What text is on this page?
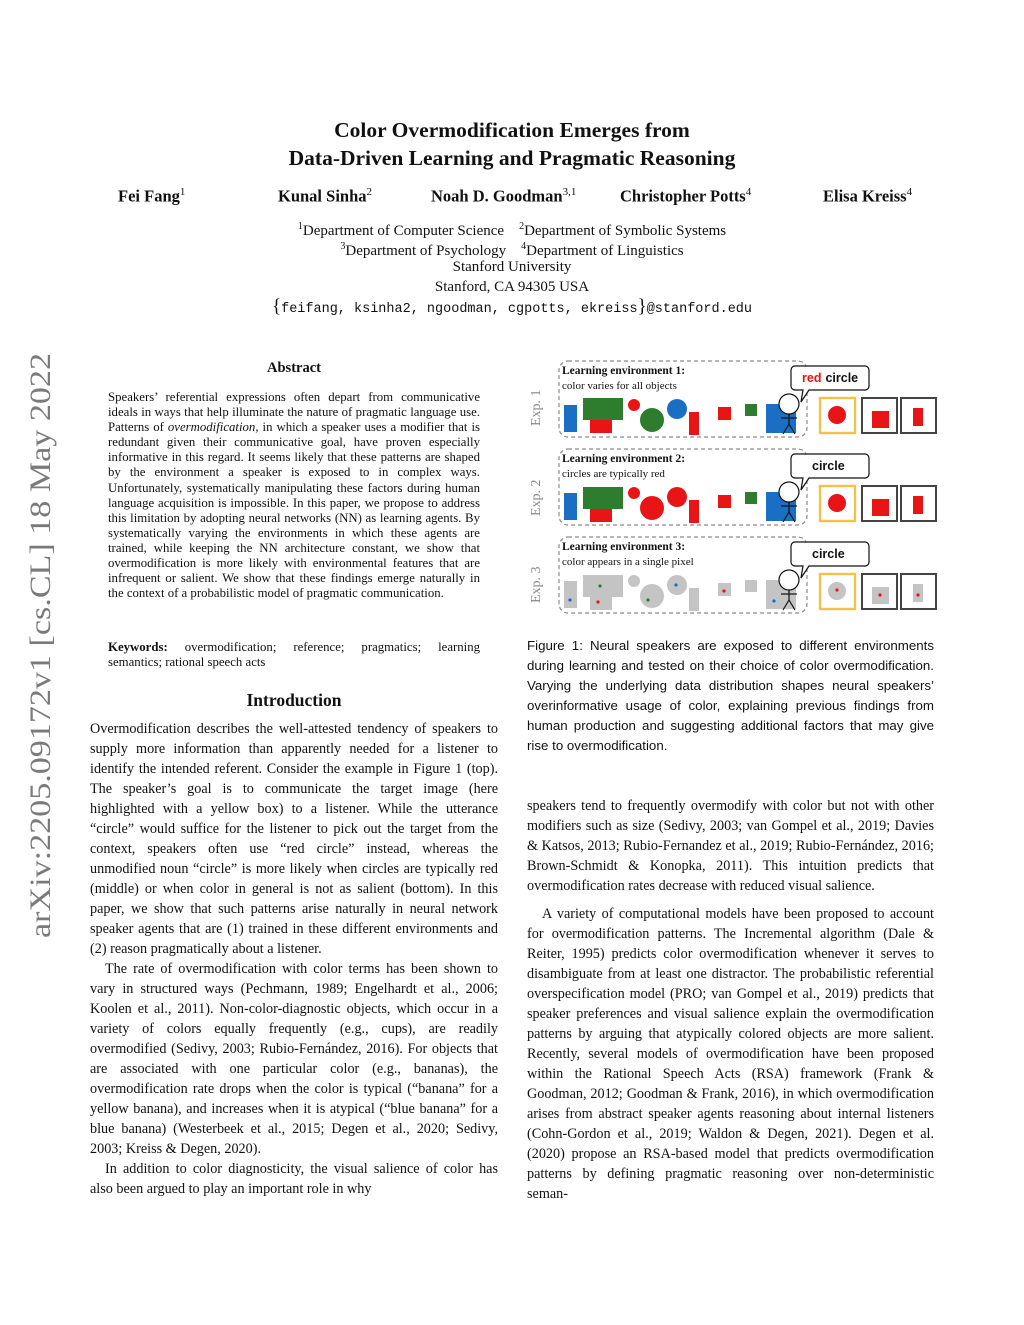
arXiv:2205.09172v1 [cs.CL] 18 May 2022
Color Overmodification Emerges from
Data-Driven Learning and Pragmatic Reasoning
Fei Fang$^1$	Kunal Sinha$^2$	Noah D. Goodman$^{3,1}$	Christopher Potts$^4$	Elisa Kreiss$^4$
$^1$Department of Computer Science $^2$Department of Symbolic Systems
$^3$Department of Psychology $^4$Department of Linguistics
Stanford University
Stanford, CA 94305 USA
{feifang, ksinha2, ngoodman, cgpotts, ekreiss}@stanford.edu
Abstract
Speakers’ referential expressions often depart from communicative ideals in ways that help illuminate the nature of pragmatic language use. Patterns of overmodification, in which a speaker uses a modifier that is redundant given their communicative goal, have proven especially informative in this regard. It seems likely that these patterns are shaped by the environment a speaker is exposed to in complex ways. Unfortunately, systematically manipulating these factors during human language acquisition is impossible. In this paper, we propose to address this limitation by adopting neural networks (NN) as learning agents. By systematically varying the environments in which these agents are trained, while keeping the NN architecture constant, we show that overmodification is more likely with environmental features that are infrequent or salient. We show that these findings emerge naturally in the context of a probabilistic model of pragmatic communication.
Keywords: overmodification; reference; pragmatics; learning semantics; rational speech acts
Introduction

Overmodification describes the well-attested tendency of speakers to supply more information than apparently needed for a listener to identify the intended referent. Consider the example in Figure 1 (top). The speaker’s goal is to communicate the target image (here highlighted with a yellow box) to a listener. While the utterance “circle” would suffice for the listener to pick out the target from the context, speakers often use “red circle” instead, whereas the unmodified noun “circle” is more likely when circles are typically red (middle) or when color in general is not as salient (bottom). In this paper, we show that such patterns arise naturally in neural network speaker agents that are (1) trained in these different environments and (2) reason pragmatically about a listener.

The rate of overmodification with color terms has been shown to vary in structured ways (Pechmann, 1989; Engelhardt et al., 2006; Koolen et al., 2011). Non-color-diagnostic objects, which occur in a variety of colors equally frequently (e.g., cups), are readily overmodified (Sedivy, 2003; Rubio-Fernández, 2016). For objects that are associated with one particular color (e.g., bananas), the overmodification rate drops when the color is typical (“banana” for a yellow banana), and increases when it is atypical (“blue banana” for a blue banana) (Westerbeek et al., 2015; Degen et al., 2020; Sedivy, 2003; Kreiss & Degen, 2020).

In addition to color diagnosticity, the visual salience of color has also been argued to play an important role in why

speakers tend to frequently overmodify with color but not with other modifiers such as size (Sedivy, 2003; van Gompel et al., 2019; Davies & Katsos, 2013; Rubio-Fernandez et al., 2019; Rubio-Fernández, 2016; Brown-Schmidt & Konopka, 2011). This intuition predicts that overmodification rates decrease with reduced visual salience.

A variety of computational models have been proposed to account for overmodification patterns. The Incremental algorithm (Dale & Reiter, 1995) predicts color overmodification whenever it serves to disambiguate from at least one distractor. The probabilistic referential overspecification model (PRO; van Gompel et al., 2019) predicts that speaker preferences and visual salience explain the overmodification patterns by arguing that atypically colored objects are more salient. Recently, several models of overmodification have been proposed within the Rational Speech Acts (RSA) framework (Frank & Goodman, 2012; Goodman & Frank, 2016), in which overmodification arises from abstract speaker agents reasoning about internal listeners (Cohn-Gordon et al., 2019; Waldon & Degen, 2021). Degen et al. (2020) propose an RSA-based model that predicts overmodification patterns by defining pragmatic reasoning over non-deterministic seman-

Exp. 1
Exp. 2
Exp. 3
Learning environment 1:
color varies for all objects
red circle
Learning environment 2:
circles are typically red
circle
Learning environment 3:
color appears in a single pixel
circle
Figure 1: Neural speakers are exposed to different environments during learning and tested on their choice of color overmodification. Varying the underlying data distribution shapes neural speakers’ overinformative usage of color, explaining previous findings from human production and suggesting additional factors that may give rise to overmodification.
